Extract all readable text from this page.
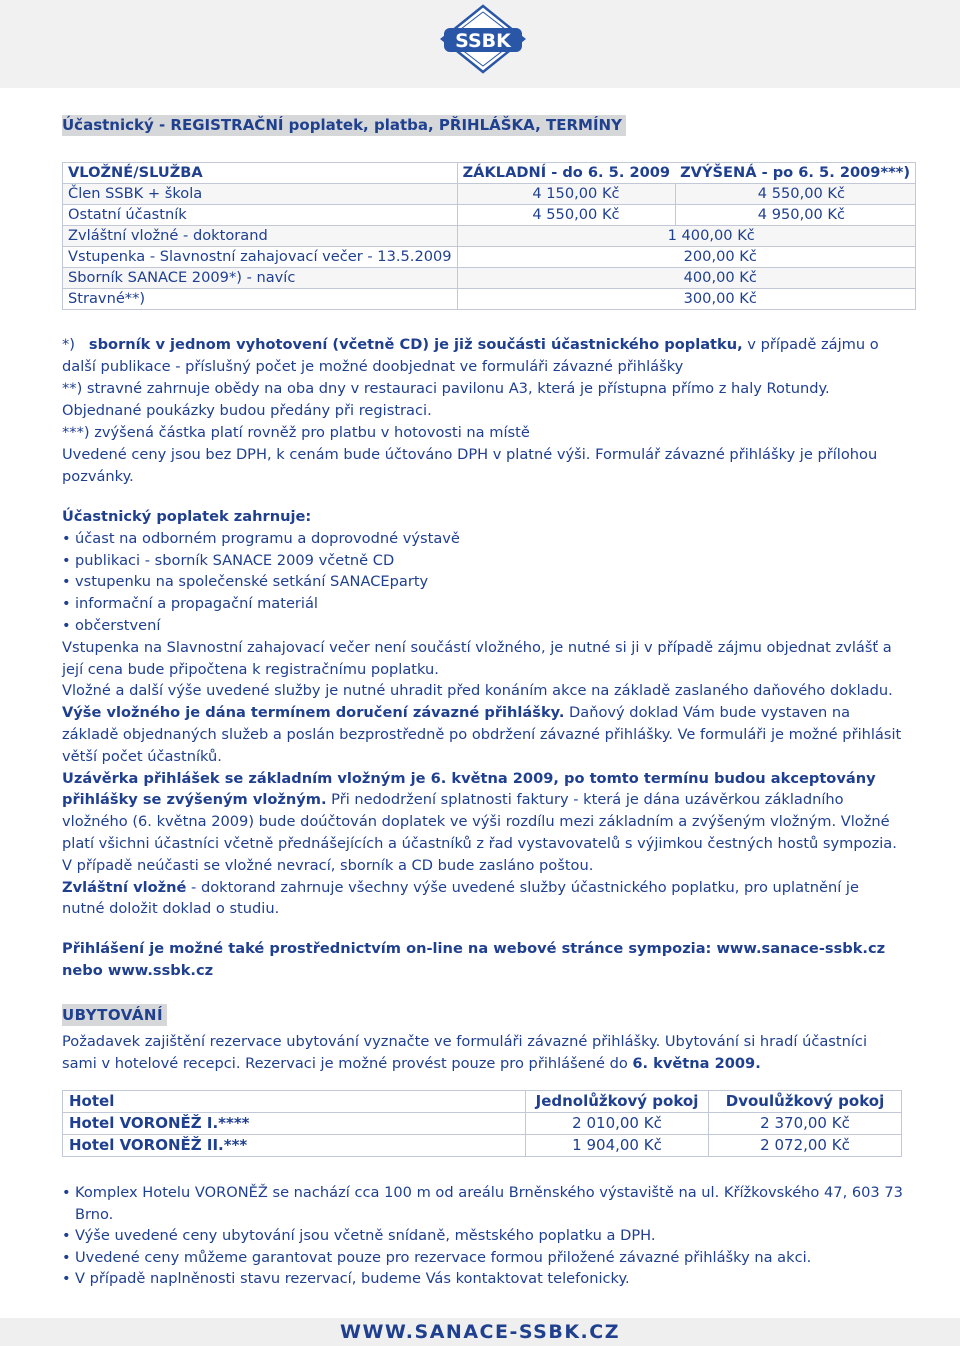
SSBK
Účastnický - REGISTRAČNÍ poplatek, platba, PŘIHLÁŠKA, TERMÍNY
VLOŽNÉ/SLUŽBA	ZÁKLADNÍ - do 6. 5. 2009	ZVÝŠENÁ - po 6. 5. 2009***)
Člen SSBK + škola	4 150,00 Kč	4 550,00 Kč
Ostatní účastník	4 550,00 Kč	4 950,00 Kč
Zvláštní vložné - doktorand	1 400,00 Kč	
Vstupenka - Slavnostní zahajovací večer - 13.5.2009	200,00 Kč	
Sborník SANACE 2009*) - navíc	400,00 Kč	
Stravné**)	300,00 Kč	

*)   sborník v jednom vyhotovení (včetně CD) je již součásti účastnického poplatku, v případě zájmu o další publikace - příslušný počet je možné doobjednat ve formuláři závazné přihlášky

**) stravné zahrnuje obědy na oba dny v restauraci pavilonu A3, která je přístupna přímo z haly Rotundy. Objednané poukázky budou předány při registraci.

***) zvýšená částka platí rovněž pro platbu v hotovosti na místě

Uvedené ceny jsou bez DPH, k cenám bude účtováno DPH v platné výši. Formulář závazné přihlášky je přílohou pozvánky.

Účastnický poplatek zahrnuje:

• účast na odborném programu a doprovodné výstavě
• publikaci - sborník SANACE 2009 včetně CD
• vstupenku na společenské setkání SANACEparty
• informační a propagační materiál
• občerstvení

Vstupenka na Slavnostní zahajovací večer není součástí vložného, je nutné si ji v případě zájmu objednat zvlášť a její cena bude připočtena k registračnímu poplatku.

Vložné a další výše uvedené služby je nutné uhradit před konáním akce na základě zaslaného daňového dokladu.

Výše vložného je dána termínem doručení závazné přihlášky. Daňový doklad Vám bude vystaven na základě objednaných služeb a poslán bezprostředně po obdržení závazné přihlášky. Ve formuláři je možné přihlásit větší počet účastníků.

Uzávěrka přihlášek se základním vložným je 6. května 2009, po tomto termínu budou akceptovány přihlášky se zvýšeným vložným. Při nedodržení splatnosti faktury - která je dána uzávěrkou základního vložného (6. května 2009) bude doúčtován doplatek ve výši rozdílu mezi základním a zvýšeným vložným. Vložné platí všichni účastníci včetně přednášejících a účastníků z řad vystavovatelů s výjimkou čestných hostů sympozia. V případě neúčasti se vložné nevrací, sborník a CD bude zasláno poštou.

Zvláštní vložné - doktorand zahrnuje všechny výše uvedené služby účastnického poplatku, pro uplatnění je nutné doložit doklad o studiu.

Přihlášení je možné také prostřednictvím on-line na webové stránce sympozia: www.sanace-ssbk.cz nebo www.ssbk.cz

UBYTOVÁNÍ

Požadavek zajištění rezervace ubytování vyznačte ve formuláři závazné přihlášky. Ubytování si hradí účastníci sami v hotelové recepci. Rezervaci je možné provést pouze pro přihlášené do 6. května 2009.

Hotel	Jednolůžkový pokoj	Dvoulůžkový pokoj
Hotel VORONĚŽ I.****	2 010,00 Kč	2 370,00 Kč
Hotel VORONĚŽ II.***	1 904,00 Kč	2 072,00 Kč
• Komplex Hotelu VORONĚŽ se nachází cca 100 m od areálu Brněnského výstaviště na ul. Křížkovského 47, 603 73 Brno.
• Výše uvedené ceny ubytování jsou včetně snídaně, městského poplatku a DPH.
• Uvedené ceny můžeme garantovat pouze pro rezervace formou přiložené závazné přihlášky na akci.
• V případě naplněnosti stavu rezervací, budeme Vás kontaktovat telefonicky.
WWW.SANACE-SSBK.CZ
